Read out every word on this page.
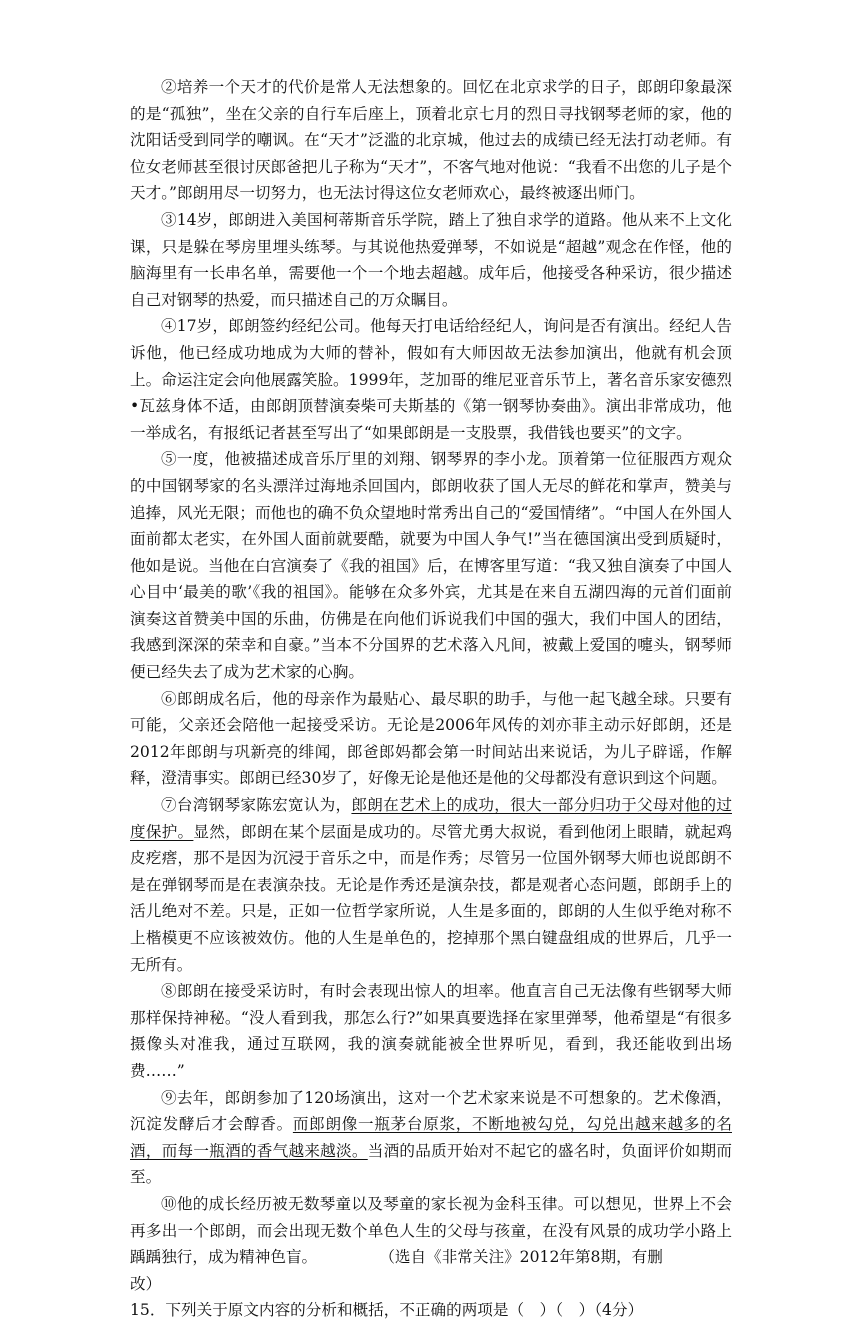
②培养一个天才的代价是常人无法想象的。回忆在北京求学的日子，郎朗印象最深的是“孤独”，坐在父亲的自行车后座上，顶着北京七月的烈日寻找钢琴老师的家，他的沈阳话受到同学的嘲讽。在“天才”泛滥的北京城，他过去的成绩已经无法打动老师。有位女老师甚至很讨厌郎爸把儿子称为“天才”，不客气地对他说：“我看不出您的儿子是个天才。”郎朗用尽一切努力，也无法讨得这位女老师欢心，最终被逐出师门。

③14岁，郎朗进入美国柯蒂斯音乐学院，踏上了独自求学的道路。他从来不上文化课，只是躲在琴房里埋头练琴。与其说他热爱弹琴，不如说是“超越”观念在作怪，他的脑海里有一长串名单，需要他一个一个地去超越。成年后，他接受各种采访，很少描述自己对钢琴的热爱，而只描述自己的万众瞩目。

④17岁，郎朗签约经纪公司。他每天打电话给经纪人，询问是否有演出。经纪人告诉他，他已经成功地成为大师的替补，假如有大师因故无法参加演出，他就有机会顶上。命运注定会向他展露笑脸。1999年，芝加哥的维尼亚音乐节上，著名音乐家安德烈•瓦兹身体不适，由郎朗顶替演奏柴可夫斯基的《第一钢琴协奏曲》。演出非常成功，他一举成名，有报纸记者甚至写出了“如果郎朗是一支股票，我借钱也要买”的文字。

⑤一度，他被描述成音乐厅里的刘翔、钢琴界的李小龙。顶着第一位征服西方观众的中国钢琴家的名头漂洋过海地杀回国内，郎朗收获了国人无尽的鲜花和掌声，赞美与追捧，风光无限；而他也的确不负众望地时常秀出自己的“爱国情绪”。“中国人在外国人面前都太老实，在外国人面前就要酷，就要为中国人争气!”当在德国演出受到质疑时，他如是说。当他在白宫演奏了《我的祖国》后，在博客里写道：“我又独自演奏了中国人心目中‘最美的歌’《我的祖国》。能够在众多外宾，尤其是在来自五湖四海的元首们面前演奏这首赞美中国的乐曲，仿佛是在向他们诉说我们中国的强大，我们中国人的团结，我感到深深的荣幸和自豪。”当本不分国界的艺术落入凡间，被戴上爱国的嚏头，钢琴师便已经失去了成为艺术家的心胸。

⑥郎朗成名后，他的母亲作为最贴心、最尽职的助手，与他一起飞越全球。只要有可能，父亲还会陪他一起接受采访。无论是2006年风传的刘亦菲主动示好郎朗，还是2012年郎朗与巩新亮的绯闻，郎爸郎妈都会第一时间站出来说话，为儿子辟谣，作解释，澄清事实。郎朗已经30岁了，好像无论是他还是他的父母都没有意识到这个问题。

⑦台湾钢琴家陈宏宽认为，郎朗在艺术上的成功，很大一部分归功于父母对他的过度保护。显然，郎朗在某个层面是成功的。尽管尤勇大叔说，看到他闭上眼睛，就起鸡皮疙瘩，那不是因为沉浸于音乐之中，而是作秀；尽管另一位国外钢琴大师也说郎朗不是在弹钢琴而是在表演杂技。无论是作秀还是演杂技，都是观者心态问题，郎朗手上的活儿绝对不差。只是，正如一位哲学家所说，人生是多面的，郎朗的人生似乎绝对称不上楷模更不应该被效仿。他的人生是单色的，挖掉那个黑白键盘组成的世界后，几乎一无所有。

⑧郎朗在接受采访时，有时会表现出惊人的坦率。他直言自己无法像有些钢琴大师那样保持神秘。“没人看到我，那怎么行?”如果真要选择在家里弹琴，他希望是“有很多摄像头对准我，通过互联网，我的演奏就能被全世界听见，看到，我还能收到出场费……”

⑨去年，郎朗参加了120场演出，这对一个艺术家来说是不可想象的。艺术像酒，沉淀发酵后才会醇香。而郎朗像一瓶茅台原浆，不断地被勾兑，勾兑出越来越多的名酒，而每一瓶酒的香气越来越淡。当酒的品质开始对不起它的盛名时，负面评价如期而至。

⑩他的成长经历被无数琴童以及琴童的家长视为金科玉律。可以想见，世界上不会再多出一个郎朗，而会出现无数个单色人生的父母与孩童，在没有风景的成功学小路上踽踽独行，成为精神色盲。	（选自《非常关注》2012年第8期，有删

改）

15．下列关于原文内容的分析和概括，不正确的两项是（　）（　）（4分）
